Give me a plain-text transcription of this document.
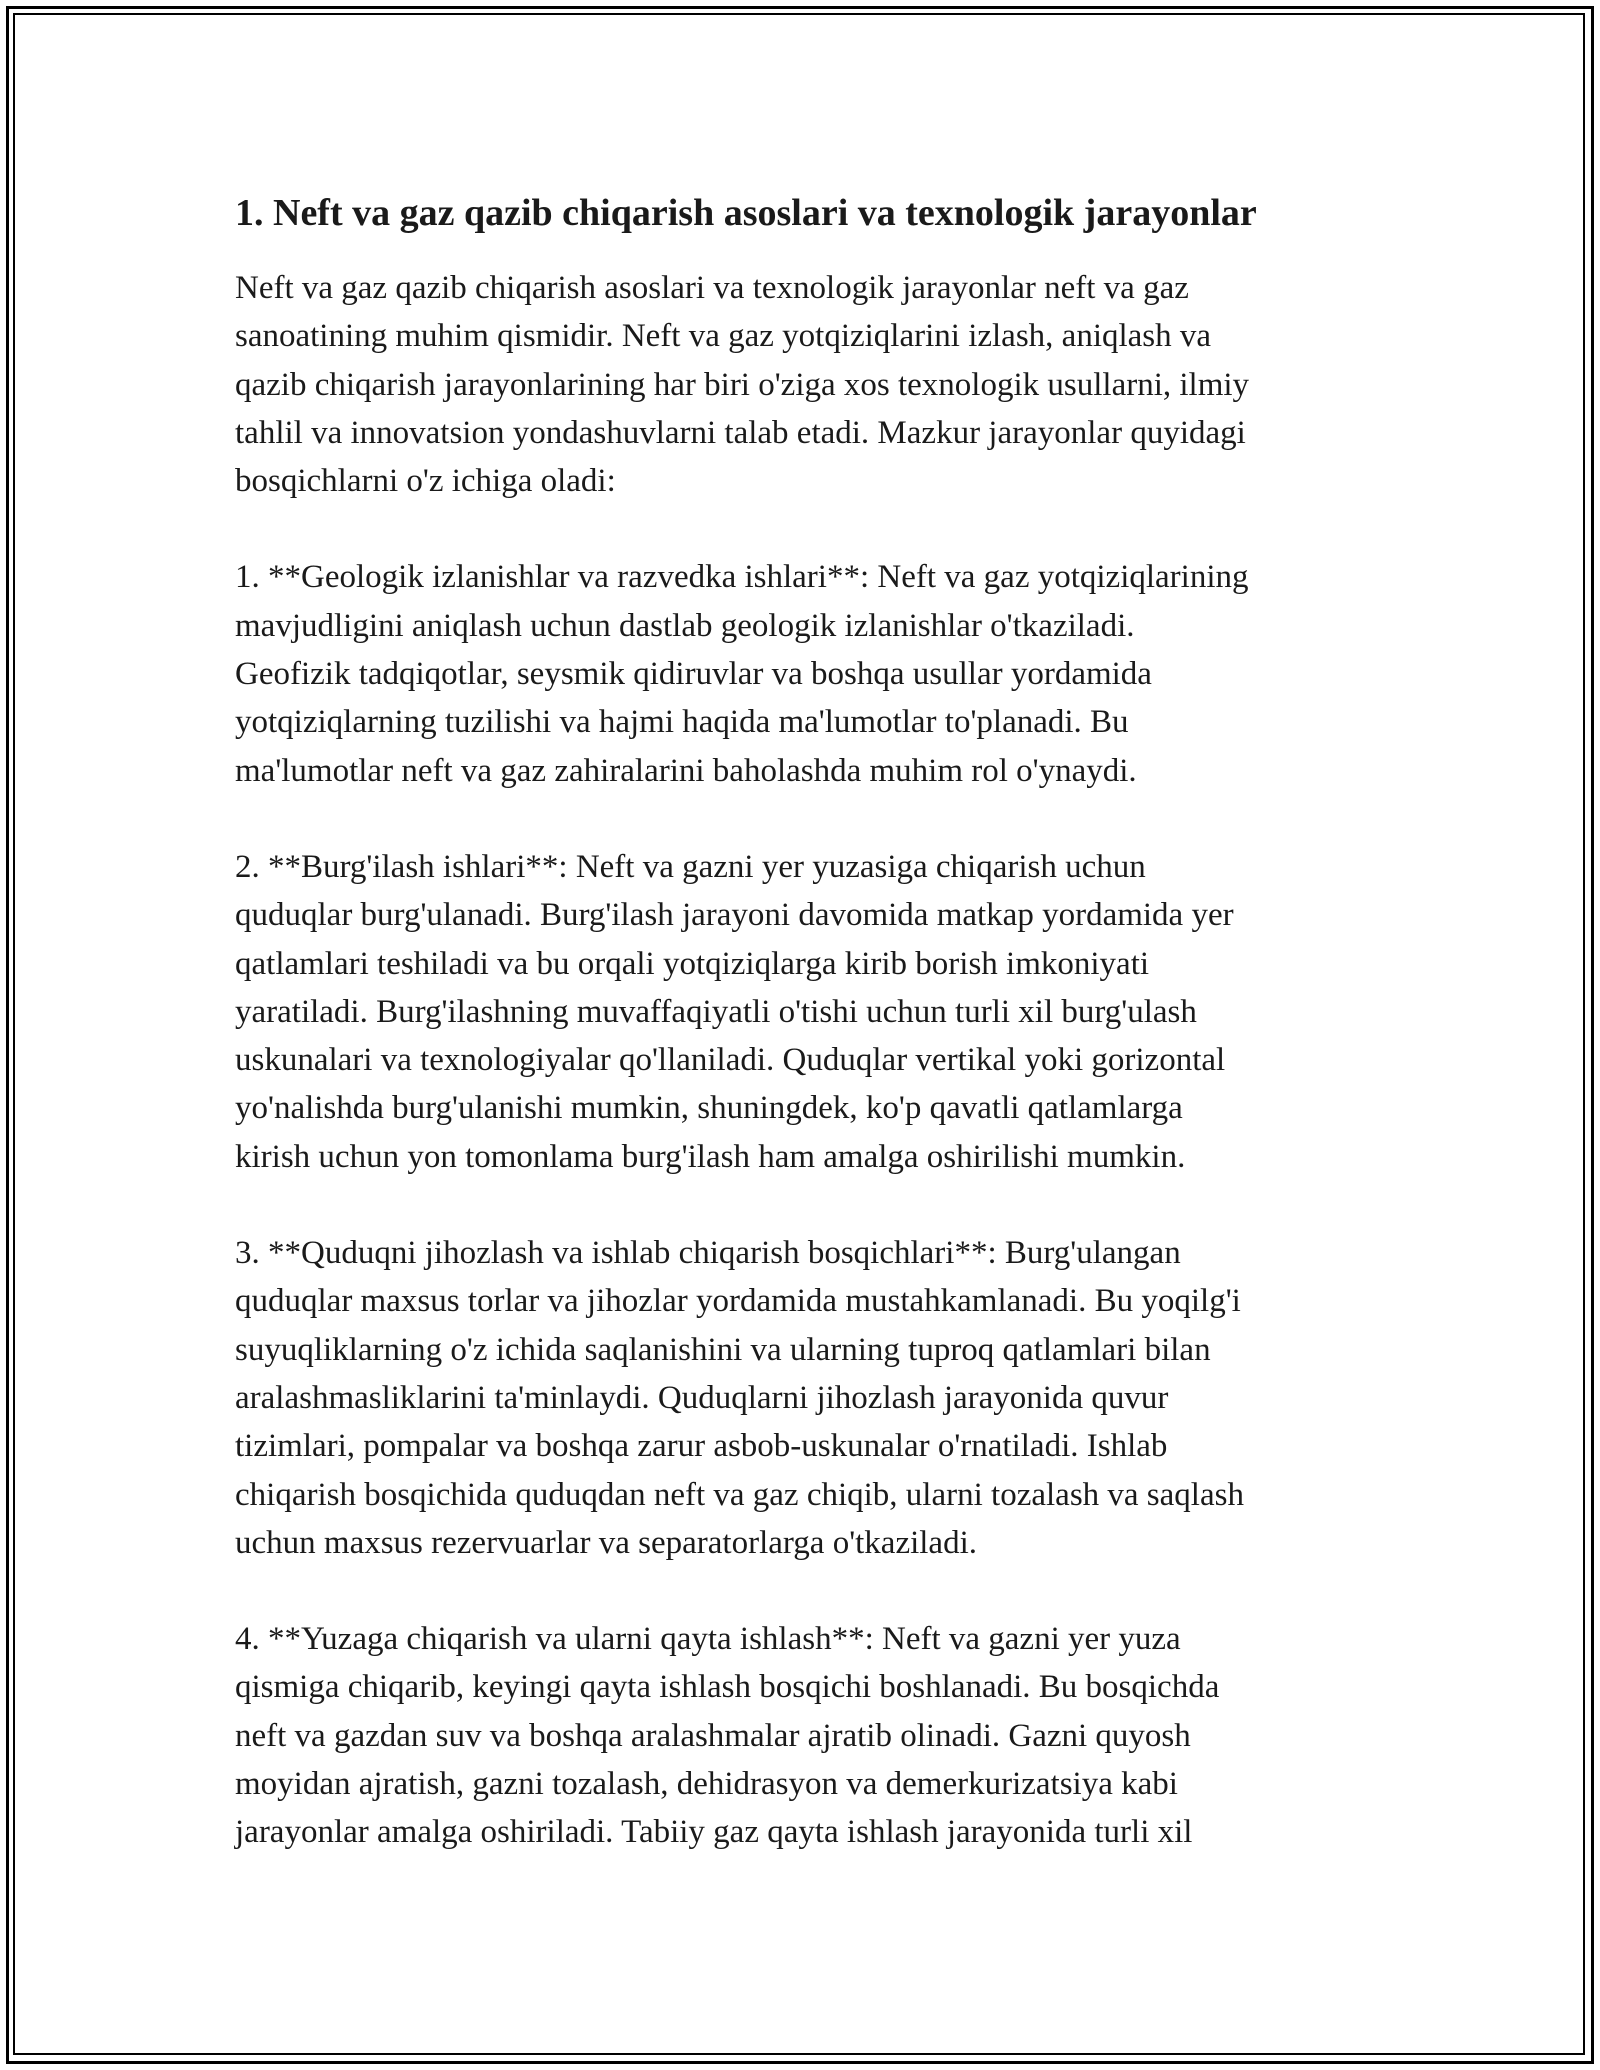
1. Neft va gaz qazib chiqarish asoslari va texnologik jarayonlar

Neft va gaz qazib chiqarish asoslari va texnologik jarayonlar neft va gaz
sanoatining muhim qismidir. Neft va gaz yotqiziqlarini izlash, aniqlash va
qazib chiqarish jarayonlarining har biri o'ziga xos texnologik usullarni, ilmiy
tahlil va innovatsion yondashuvlarni talab etadi. Mazkur jarayonlar quyidagi
bosqichlarni o'z ichiga oladi:

1. **Geologik izlanishlar va razvedka ishlari**: Neft va gaz yotqiziqlarining
mavjudligini aniqlash uchun dastlab geologik izlanishlar o'tkaziladi.
Geofizik tadqiqotlar, seysmik qidiruvlar va boshqa usullar yordamida
yotqiziqlarning tuzilishi va hajmi haqida ma'lumotlar to'planadi. Bu
ma'lumotlar neft va gaz zahiralarini baholashda muhim rol o'ynaydi.

2. **Burg'ilash ishlari**: Neft va gazni yer yuzasiga chiqarish uchun
quduqlar burg'ulanadi. Burg'ilash jarayoni davomida matkap yordamida yer
qatlamlari teshiladi va bu orqali yotqiziqlarga kirib borish imkoniyati
yaratiladi. Burg'ilashning muvaffaqiyatli o'tishi uchun turli xil burg'ulash
uskunalari va texnologiyalar qo'llaniladi. Quduqlar vertikal yoki gorizontal
yo'nalishda burg'ulanishi mumkin, shuningdek, ko'p qavatli qatlamlarga
kirish uchun yon tomonlama burg'ilash ham amalga oshirilishi mumkin.

3. **Quduqni jihozlash va ishlab chiqarish bosqichlari**: Burg'ulangan
quduqlar maxsus torlar va jihozlar yordamida mustahkamlanadi. Bu yoqilg'i
suyuqliklarning o'z ichida saqlanishini va ularning tuproq qatlamlari bilan
aralashmasliklarini ta'minlaydi. Quduqlarni jihozlash jarayonida quvur
tizimlari, pompalar va boshqa zarur asbob-uskunalar o'rnatiladi. Ishlab
chiqarish bosqichida quduqdan neft va gaz chiqib, ularni tozalash va saqlash
uchun maxsus rezervuarlar va separatorlarga o'tkaziladi.

4. **Yuzaga chiqarish va ularni qayta ishlash**: Neft va gazni yer yuza
qismiga chiqarib, keyingi qayta ishlash bosqichi boshlanadi. Bu bosqichda
neft va gazdan suv va boshqa aralashmalar ajratib olinadi. Gazni quyosh
moyidan ajratish, gazni tozalash, dehidrasyon va demerkurizatsiya kabi
jarayonlar amalga oshiriladi. Tabiiy gaz qayta ishlash jarayonida turli xil
